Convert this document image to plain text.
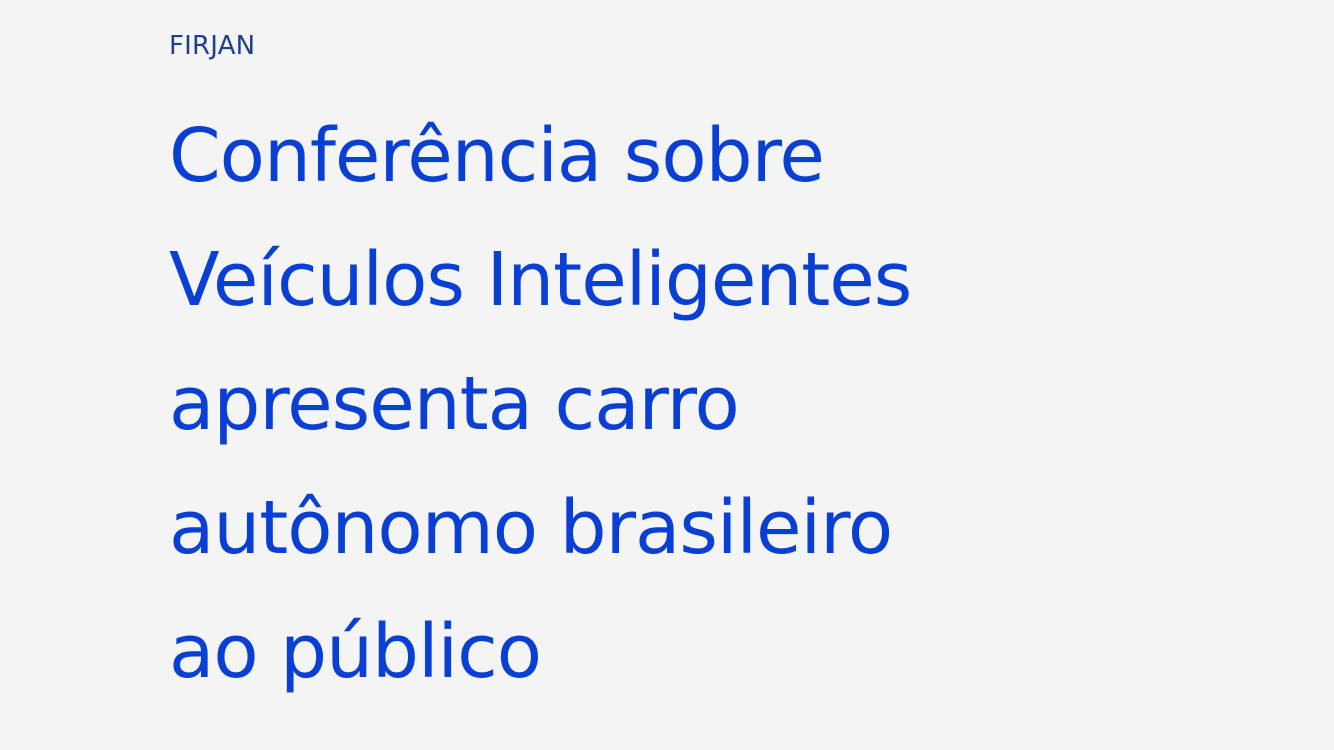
FIRJAN
Conferência sobre
Veículos Inteligentes
apresenta carro
autônomo brasileiro
ao público
